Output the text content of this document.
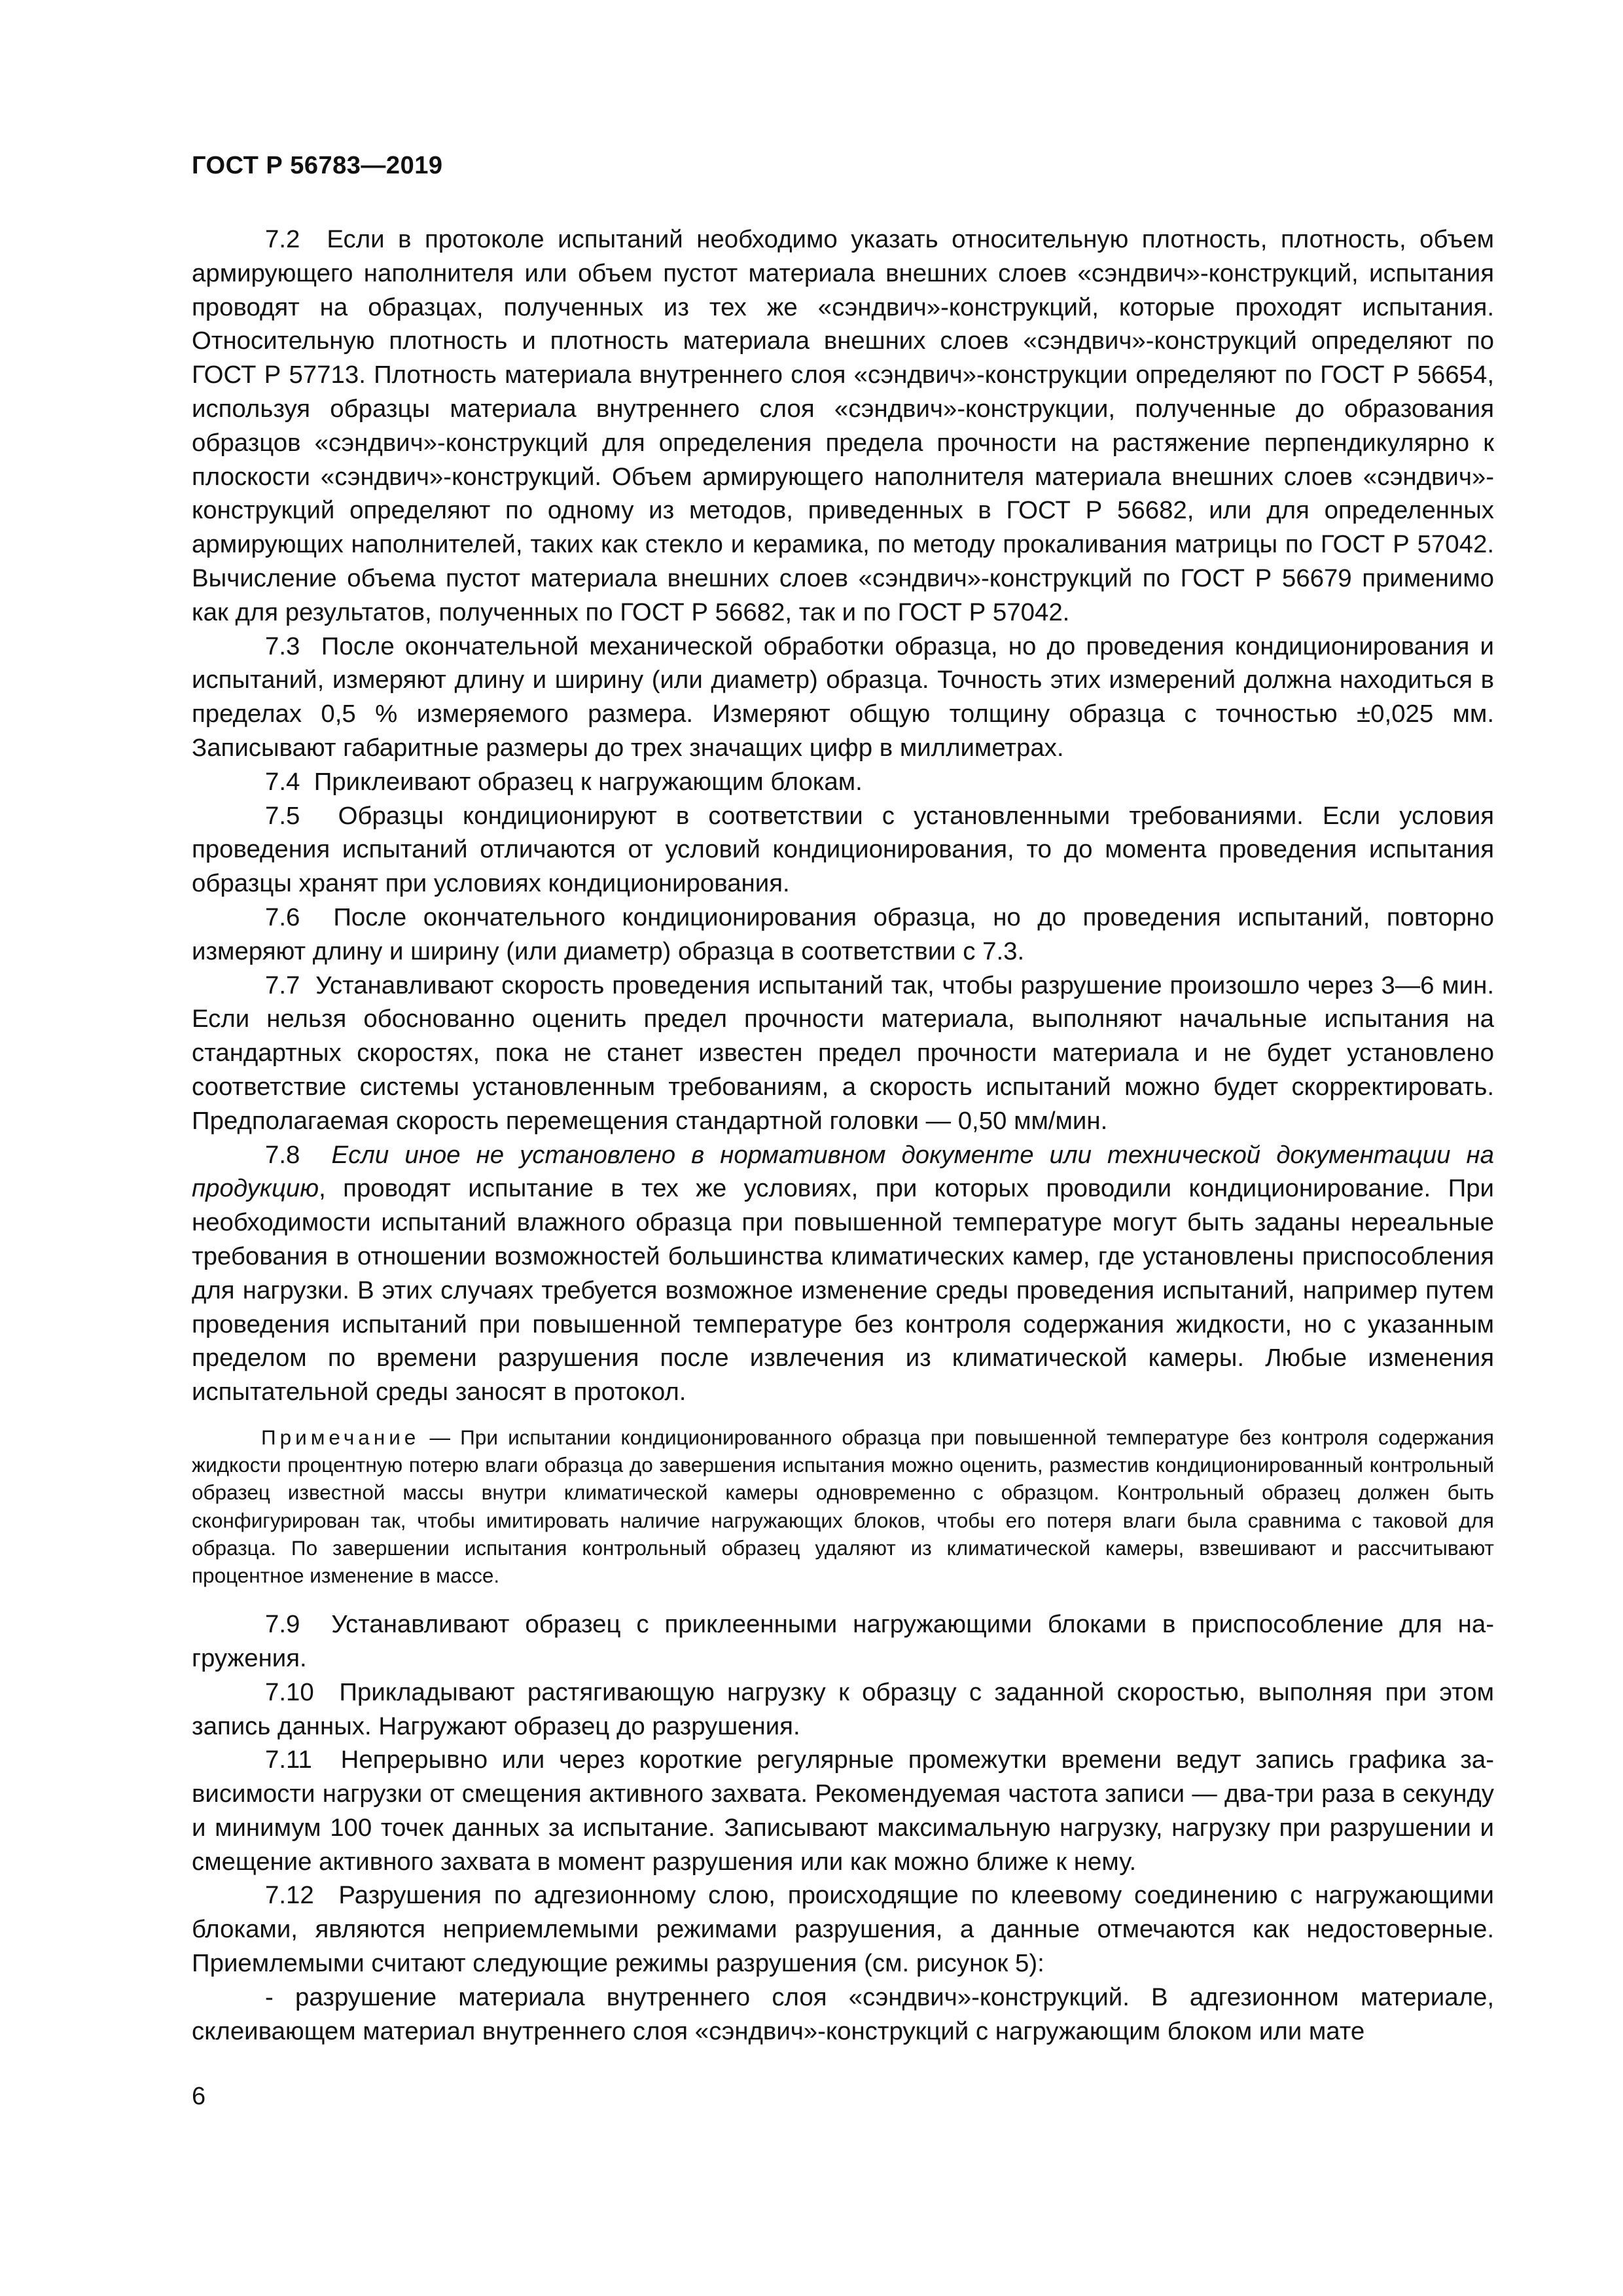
ГОСТ Р 56783—2019

7.2 Если в протоколе испытаний необходимо указать относительную плотность, плотность, объем армирующего наполнителя или объем пустот материала внешних слоев «сэндвич»-конструкций, испытания проводят на образцах, полученных из тех же «сэндвич»-конструкций, которые проходят испытания. Относительную плотность и плотность материала внешних слоев «сэндвич»-конструкций определяют по ГОСТ Р 57713. Плотность материала внутреннего слоя «сэндвич»-конструкции определяют по ГОСТ Р 56654, используя образцы материала внутреннего слоя «сэндвич»-конструкции, полученные до образования образцов «сэндвич»-конструкций для определения предела прочности на растяжение перпендикулярно к плоскости «сэндвич»-конструкций. Объем армирующего наполнителя материала внешних слоев «сэндвич»-конструкций определяют по одному из методов, приведенных в ГОСТ Р 56682, или для определенных армирующих наполнителей, таких как стекло и керамика, по методу прокаливания матрицы по ГОСТ Р 57042. Вычисление объема пустот материала внешних слоев «сэндвич»-конструкций по ГОСТ Р 56679 применимо как для результатов, полученных по ГОСТ Р 56682, так и по ГОСТ Р 57042.

7.3 После окончательной механической обработки образца, но до проведения кондиционирования и испытаний, измеряют длину и ширину (или диаметр) образца. Точность этих измерений должна находиться в пределах 0,5 % измеряемого размера. Измеряют общую толщину образца с точностью ±0,025 мм. Записывают габаритные размеры до трех значащих цифр в миллиметрах.

7.4 Приклеивают образец к нагружающим блокам.

7.5 Образцы кондиционируют в соответствии с установленными требованиями. Если условия проведения испытаний отличаются от условий кондиционирования, то до момента проведения испытания образцы хранят при условиях кондиционирования.

7.6 После окончательного кондиционирования образца, но до проведения испытаний, повторно измеряют длину и ширину (или диаметр) образца в соответствии с 7.3.

7.7 Устанавливают скорость проведения испытаний так, чтобы разрушение произошло через 3—6 мин. Если нельзя обоснованно оценить предел прочности материала, выполняют начальные испытания на стандартных скоростях, пока не станет известен предел прочности материала и не будет установлено соответствие системы установленным требованиям, а скорость испытаний можно будет скорректировать. Предполагаемая скорость перемещения стандартной головки — 0,50 мм/мин.

7.8 Если иное не установлено в нормативном документе или технической документации на продукцию, проводят испытание в тех же условиях, при которых проводили кондиционирование. При необходимости испытаний влажного образца при повышенной температуре могут быть заданы нереальные требования в отношении возможностей большинства климатических камер, где установлены приспособления для нагрузки. В этих случаях требуется возможное изменение среды проведения испытаний, например путем проведения испытаний при повышенной температуре без контроля содержания жидкости, но с указанным пределом по времени разрушения после извлечения из климатической камеры. Любые изменения испытательной среды заносят в протокол.

Примечание — При испытании кондиционированного образца при повышенной температуре без контроля содержания жидкости процентную потерю влаги образца до завершения испытания можно оценить, разместив кондиционированный контрольный образец известной массы внутри климатической камеры одновременно с образцом. Контрольный образец должен быть сконфигурирован так, чтобы имитировать наличие нагружающих блоков, чтобы его потеря влаги была сравнима с таковой для образца. По завершении испытания контрольный образец удаляют из климатической камеры, взвешивают и рассчитывают процентное изменение в массе.

7.9 Устанавливают образец с приклеенными нагружающими блоками в приспособление для нагружения.

7.10 Прикладывают растягивающую нагрузку к образцу с заданной скоростью, выполняя при этом запись данных. Нагружают образец до разрушения.

7.11 Непрерывно или через короткие регулярные промежутки времени ведут запись графика зависимости нагрузки от смещения активного захвата. Рекомендуемая частота записи — два-три раза в секунду и минимум 100 точек данных за испытание. Записывают максимальную нагрузку, нагрузку при разрушении и смещение активного захвата в момент разрушения или как можно ближе к нему.

7.12 Разрушения по адгезионному слою, происходящие по клеевому соединению с нагружающими блоками, являются неприемлемыми режимами разрушения, а данные отмечаются как недостоверные. Приемлемыми считают следующие режимы разрушения (см. рисунок 5):

- разрушение материала внутреннего слоя «сэндвич»-конструкций. В адгезионном материале, склеивающем материал внутреннего слоя «сэндвич»-конструкций с нагружающим блоком или мате

6
